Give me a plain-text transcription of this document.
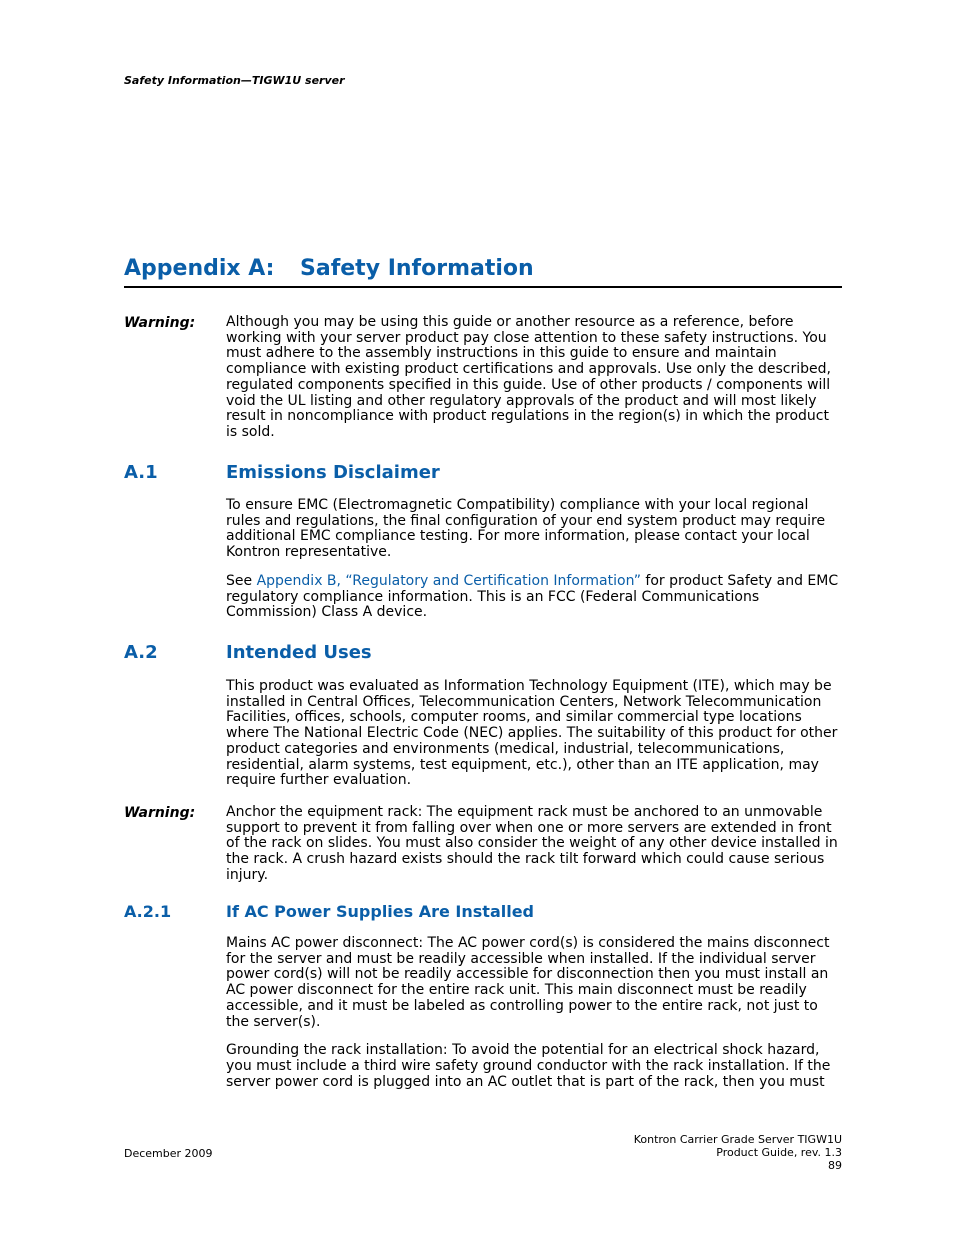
Safety Information—TIGW1U server
Appendix A: Safety Information
Warning: Although you may be using this guide or another resource as a reference, before working with your server product pay close attention to these safety instructions. You must adhere to the assembly instructions in this guide to ensure and maintain compliance with existing product certifications and approvals. Use only the described, regulated components specified in this guide. Use of other products / components will void the UL listing and other regulatory approvals of the product and will most likely result in noncompliance with product regulations in the region(s) in which the product is sold.

A.1	Emissions Disclaimer

To ensure EMC (Electromagnetic Compatibility) compliance with your local regional rules and regulations, the final configuration of your end system product may require additional EMC compliance testing. For more information, please contact your local Kontron representative.

See Appendix B, “Regulatory and Certification Information” for product Safety and EMC regulatory compliance information. This is an FCC (Federal Communications Commission) Class A device.

A.2	Intended Uses

This product was evaluated as Information Technology Equipment (ITE), which may be installed in Central Offices, Telecommunication Centers, Network Telecommunication Facilities, offices, schools, computer rooms, and similar commercial type locations where The National Electric Code (NEC) applies. The suitability of this product for other product categories and environments (medical, industrial, telecommunications, residential, alarm systems, test equipment, etc.), other than an ITE application, may require further evaluation.

Warning: Anchor the equipment rack: The equipment rack must be anchored to an unmovable support to prevent it from falling over when one or more servers are extended in front of the rack on slides. You must also consider the weight of any other device installed in the rack. A crush hazard exists should the rack tilt forward which could cause serious injury.

A.2.1	If AC Power Supplies Are Installed

Mains AC power disconnect: The AC power cord(s) is considered the mains disconnect for the server and must be readily accessible when installed. If the individual server power cord(s) will not be readily accessible for disconnection then you must install an AC power disconnect for the entire rack unit. This main disconnect must be readily accessible, and it must be labeled as controlling power to the entire rack, not just to the server(s).

Grounding the rack installation: To avoid the potential for an electrical shock hazard, you must include a third wire safety ground conductor with the rack installation. If the server power cord is plugged into an AC outlet that is part of the rack, then you must

December 2009
Kontron Carrier Grade Server TIGW1U
Product Guide, rev. 1.3
89
